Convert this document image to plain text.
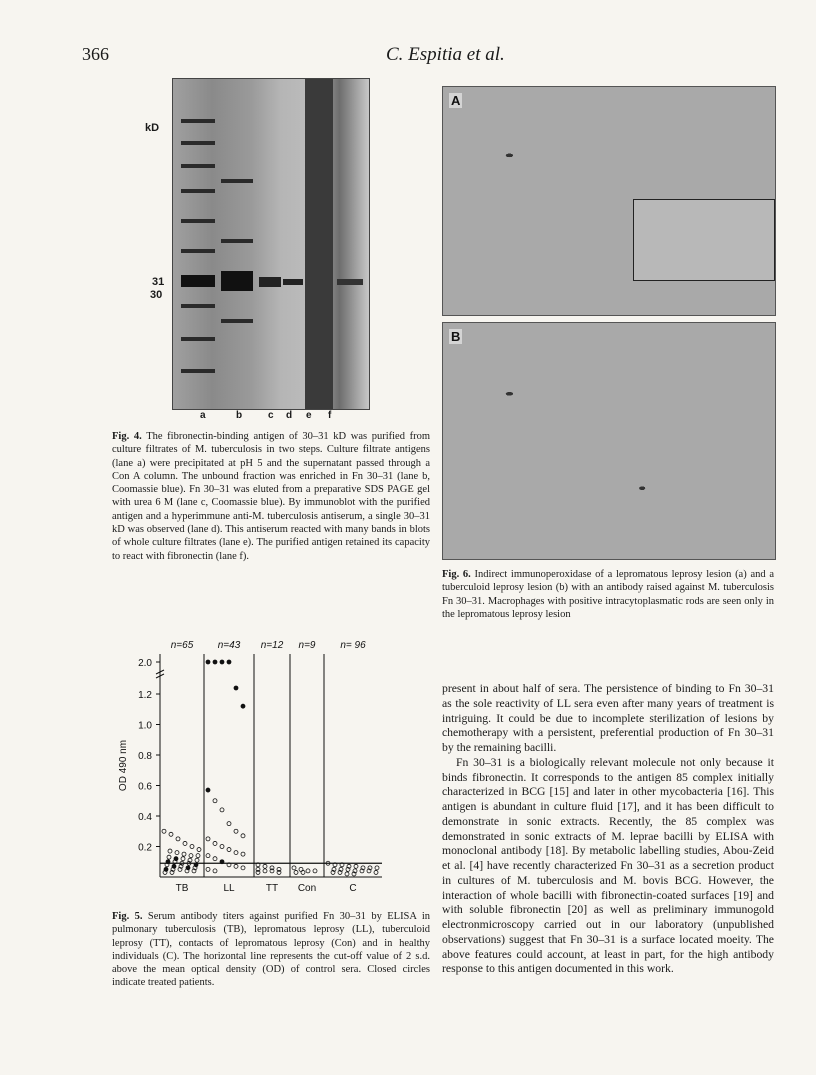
366	C. Espitia et al.
kD
31
30
a	b	c d e f
Fig. 4. The fibronectin-binding antigen of 30–31 kD was purified from culture filtrates of M. tuberculosis in two steps. Culture filtrate antigens (lane a) were precipitated at pH 5 and the supernatant passed through a Con A column. The unbound fraction was enriched in Fn 30–31 (lane b, Coomassie blue). Fn 30–31 was eluted from a preparative SDS PAGE gel with urea 6 M (lane c, Coomassie blue). By immunoblot with the purified antigen and a hyperimmune anti-M. tuberculosis antiserum, a single 30–31 kD was observed (lane d). This antiserum reacted with many bands in blots of whole culture filtrates (lane e). The purified antigen retained its capacity to react with fibronectin (lane f).
A
B
Fig. 6. Indirect immunoperoxidase of a lepromatous leprosy lesion (a) and a tuberculoid leprosy lesion (b) with an antibody raised against M. tuberculosis Fn 30–31. Macrophages with positive intracytoplasmatic rods are seen only in the lepromatous leprosy lesion
0.2
0.4
0.6
0.8
1.0
1.2
2.0
OD 490 nm
n=65
TB
n=43
LL
n=12
TT
n=9
Con
n= 96
C
Fig. 5. Serum antibody titers against purified Fn 30–31 by ELISA in pulmonary tuberculosis (TB), lepromatous leprosy (LL), tuberculoid leprosy (TT), contacts of lepromatous leprosy (Con) and in healthy individuals (C). The horizontal line represents the cut-off value of 2 s.d. above the mean optical density (OD) of control sera. Closed circles indicate treated patients.

present in about half of sera. The persistence of binding to Fn 30–31 as the sole reactivity of LL sera even after many years of treatment is intriguing. It could be due to incomplete sterilization of lesions by chemotherapy with a persistent, preferential production of Fn 30–31 by the remaining bacilli.

Fn 30–31 is a biologically relevant molecule not only because it binds fibronectin. It corresponds to the antigen 85 complex initially characterized in BCG [15] and later in other mycobacteria [16]. This antigen is abundant in culture fluid [17], and it has been difficult to demonstrate in sonic extracts. Recently, the 85 complex was demonstrated in sonic extracts of M. leprae bacilli by ELISA with monoclonal antibody [18]. By metabolic labelling studies, Abou-Zeid et al. [4] have recently characterized Fn 30–31 as a secretion product in cultures of M. tuberculosis and M. bovis BCG. However, the interaction of whole bacilli with fibronectin-coated surfaces [19] and with soluble fibronectin [20] as well as preliminary immunogold electronmicroscopy carried out in our laboratory (unpublished observations) suggest that Fn 30–31 is a surface located moeity. The above features could account, at least in part, for the high antibody response to this antigen documented in this work.
